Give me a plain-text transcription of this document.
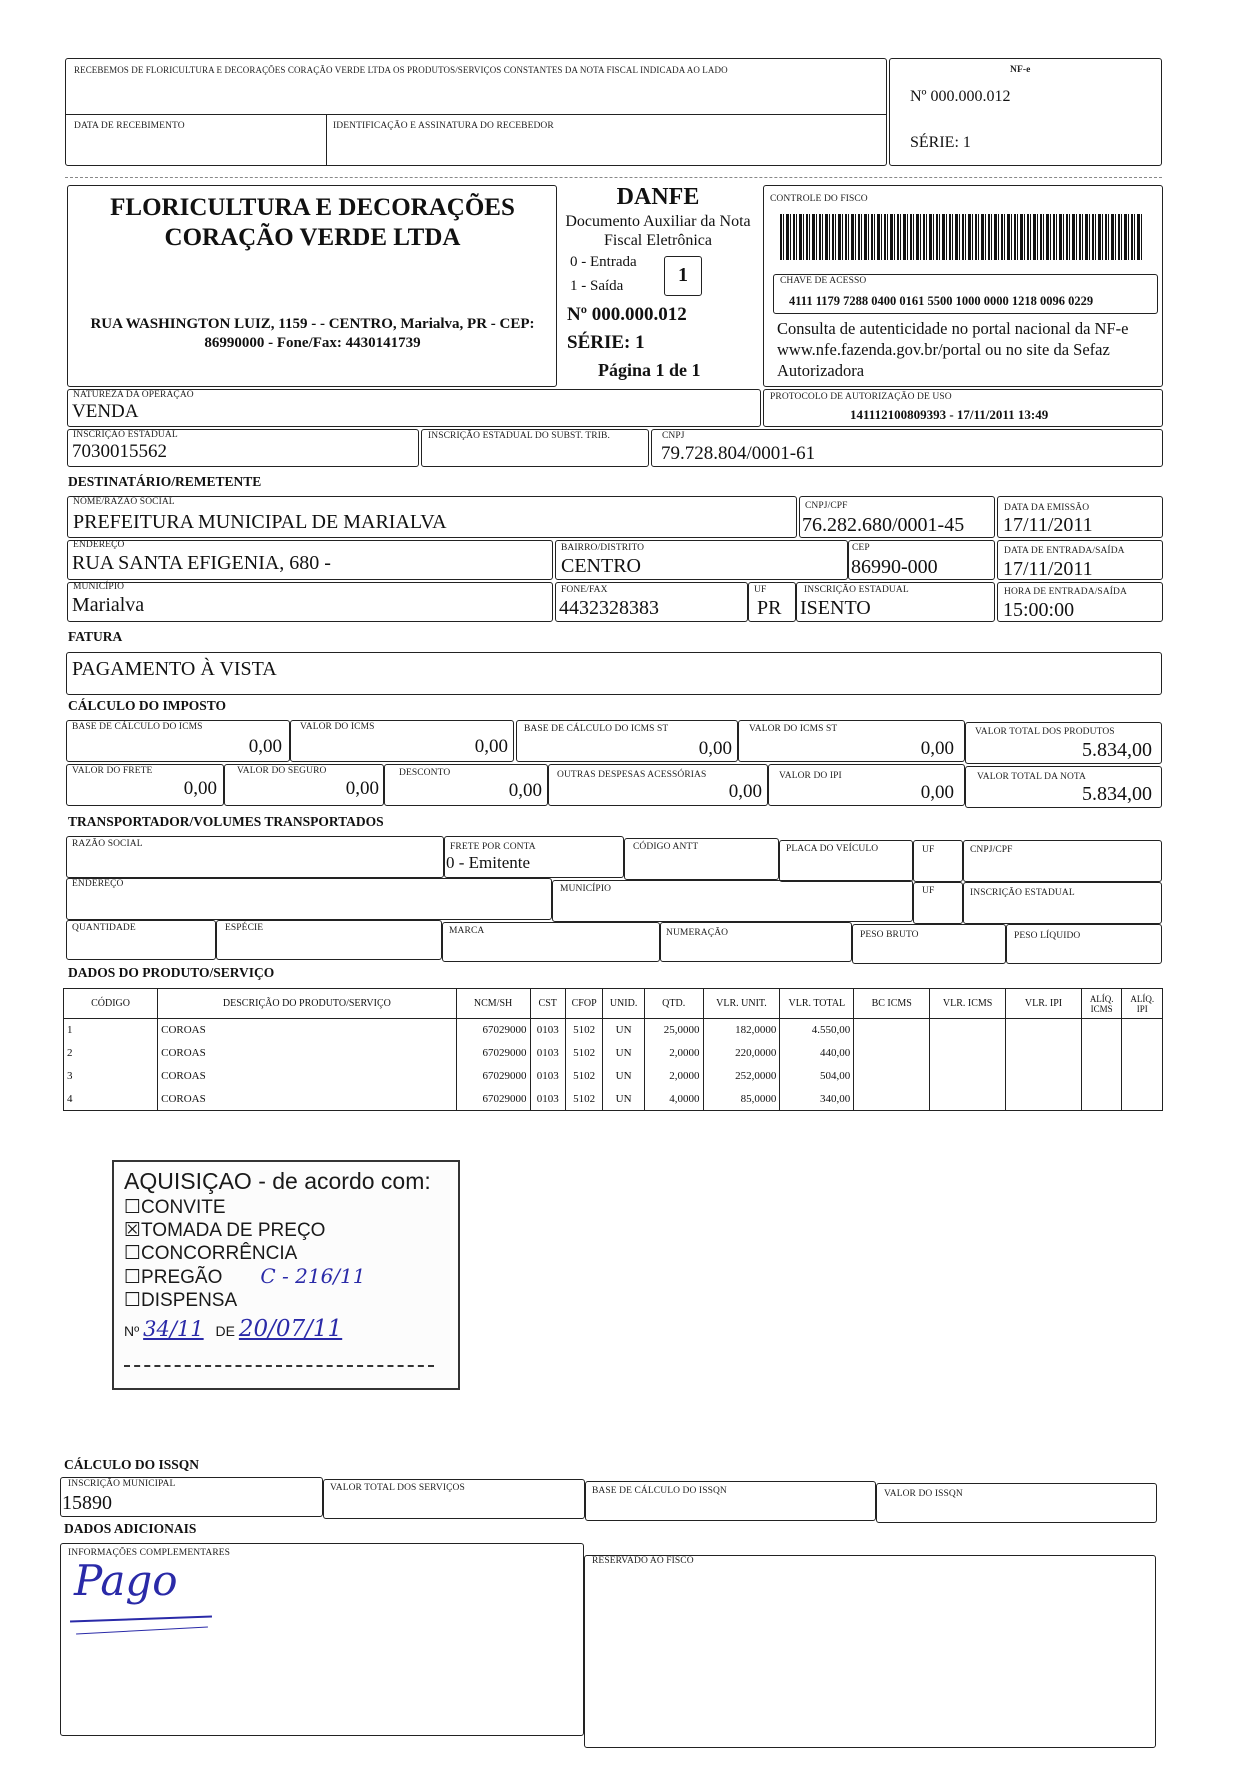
RECEBEMOS DE FLORICULTURA E DECORAÇÕES CORAÇÃO VERDE LTDA OS PRODUTOS/SERVIÇOS CONSTANTES DA NOTA FISCAL INDICADA AO LADO
DATA DE RECEBIMENTO	IDENTIFICAÇÃO E ASSINATURA DO RECEBEDOR
NF-e
Nº 000.000.012
SÉRIE: 1
FLORICULTURA E DECORAÇÕES CORAÇÃO VERDE LTDA
RUA WASHINGTON LUIZ, 1159 - - CENTRO, Marialva, PR - CEP: 86990000 - Fone/Fax: 4430141739
DANFE
Documento Auxiliar da Nota Fiscal Eletrônica
0 - Entrada
1 - Saída	1
Nº 000.000.012
SÉRIE: 1
Página 1 de 1
CONTROLE DO FISCO
CHAVE DE ACESSO
4111 1179 7288 0400 0161 5500 1000 0000 1218 0096 0229
Consulta de autenticidade no portal nacional da NF-e www.nfe.fazenda.gov.br/portal ou no site da Sefaz Autorizadora
NATUREZA DA OPERAÇÃO
VENDA
PROTOCOLO DE AUTORIZAÇÃO DE USO
141112100809393 - 17/11/2011 13:49
INSCRIÇÃO ESTADUAL
7030015562
INSCRIÇÃO ESTADUAL DO SUBST. TRIB.	CNPJ
79.728.804/0001-61
DESTINATÁRIO/REMETENTE
NOME/RAZÃO SOCIAL
PREFEITURA MUNICIPAL DE MARIALVA
CNPJ/CPF
76.282.680/0001-45
DATA DA EMISSÃO
17/11/2011
ENDEREÇO
RUA SANTA EFIGENIA, 680 -
BAIRRO/DISTRITO
CENTRO
CEP
86990-000
DATA DE ENTRADA/SAÍDA
17/11/2011
MUNICÍPIO
Marialva
FONE/FAX
4432328383
UF
PR
INSCRIÇÃO ESTADUAL
ISENTO
HORA DE ENTRADA/SAÍDA
15:00:00
FATURA
PAGAMENTO À VISTA
CÁLCULO DO IMPOSTO
BASE DE CÁLCULO DO ICMS
0,00
VALOR DO ICMS
0,00
BASE DE CÁLCULO DO ICMS ST
0,00
VALOR DO ICMS ST
0,00
VALOR TOTAL DOS PRODUTOS
5.834,00
VALOR DO FRETE
0,00
VALOR DO SEGURO
0,00
DESCONTO
0,00
OUTRAS DESPESAS ACESSÓRIAS
0,00
VALOR DO IPI
0,00
VALOR TOTAL DA NOTA
5.834,00
TRANSPORTADOR/VOLUMES TRANSPORTADOS
RAZÃO SOCIAL	FRETE POR CONTA
0 - Emitente
CÓDIGO ANTT	PLACA DO VEÍCULO	UF	CNPJ/CPF
ENDEREÇO	MUNICÍPIO	UF	INSCRIÇÃO ESTADUAL
QUANTIDADE	ESPÉCIE	MARCA	NUMERAÇÃO	PESO BRUTO	PESO LÍQUIDO
DADOS DO PRODUTO/SERVIÇO
CÓDIGO	DESCRIÇÃO DO PRODUTO/SERVIÇO	NCM/SH	CST	CFOP	UNID.	QTD.	VLR. UNIT.	VLR. TOTAL	BC ICMS	VLR. ICMS	VLR. IPI	ALÍQ. ICMS	ALÍQ. IPI
1	COROAS	67029000	0103	5102	UN	25,0000	182,0000	4.550,00					
2	COROAS	67029000	0103	5102	UN	2,0000	220,0000	440,00					
3	COROAS	67029000	0103	5102	UN	2,0000	252,0000	504,00					
4	COROAS	67029000	0103	5102	UN	4,0000	85,0000	340,00					
AQUISIÇAO - de acordo com:
☐CONVITE
☒TOMADA DE PREÇO
☐CONCORRÊNCIA
☐PREGÃO C - 216/11
☐DISPENSA
Nº 34/11 DE 20/07/11
CÁLCULO DO ISSQN
INSCRIÇÃO MUNICIPAL
15890
VALOR TOTAL DOS SERVIÇOS	BASE DE CÁLCULO DO ISSQN	VALOR DO ISSQN
DADOS ADICIONAIS
INFORMAÇÕES COMPLEMENTARES
Pago	RESERVADO AO FISCO
